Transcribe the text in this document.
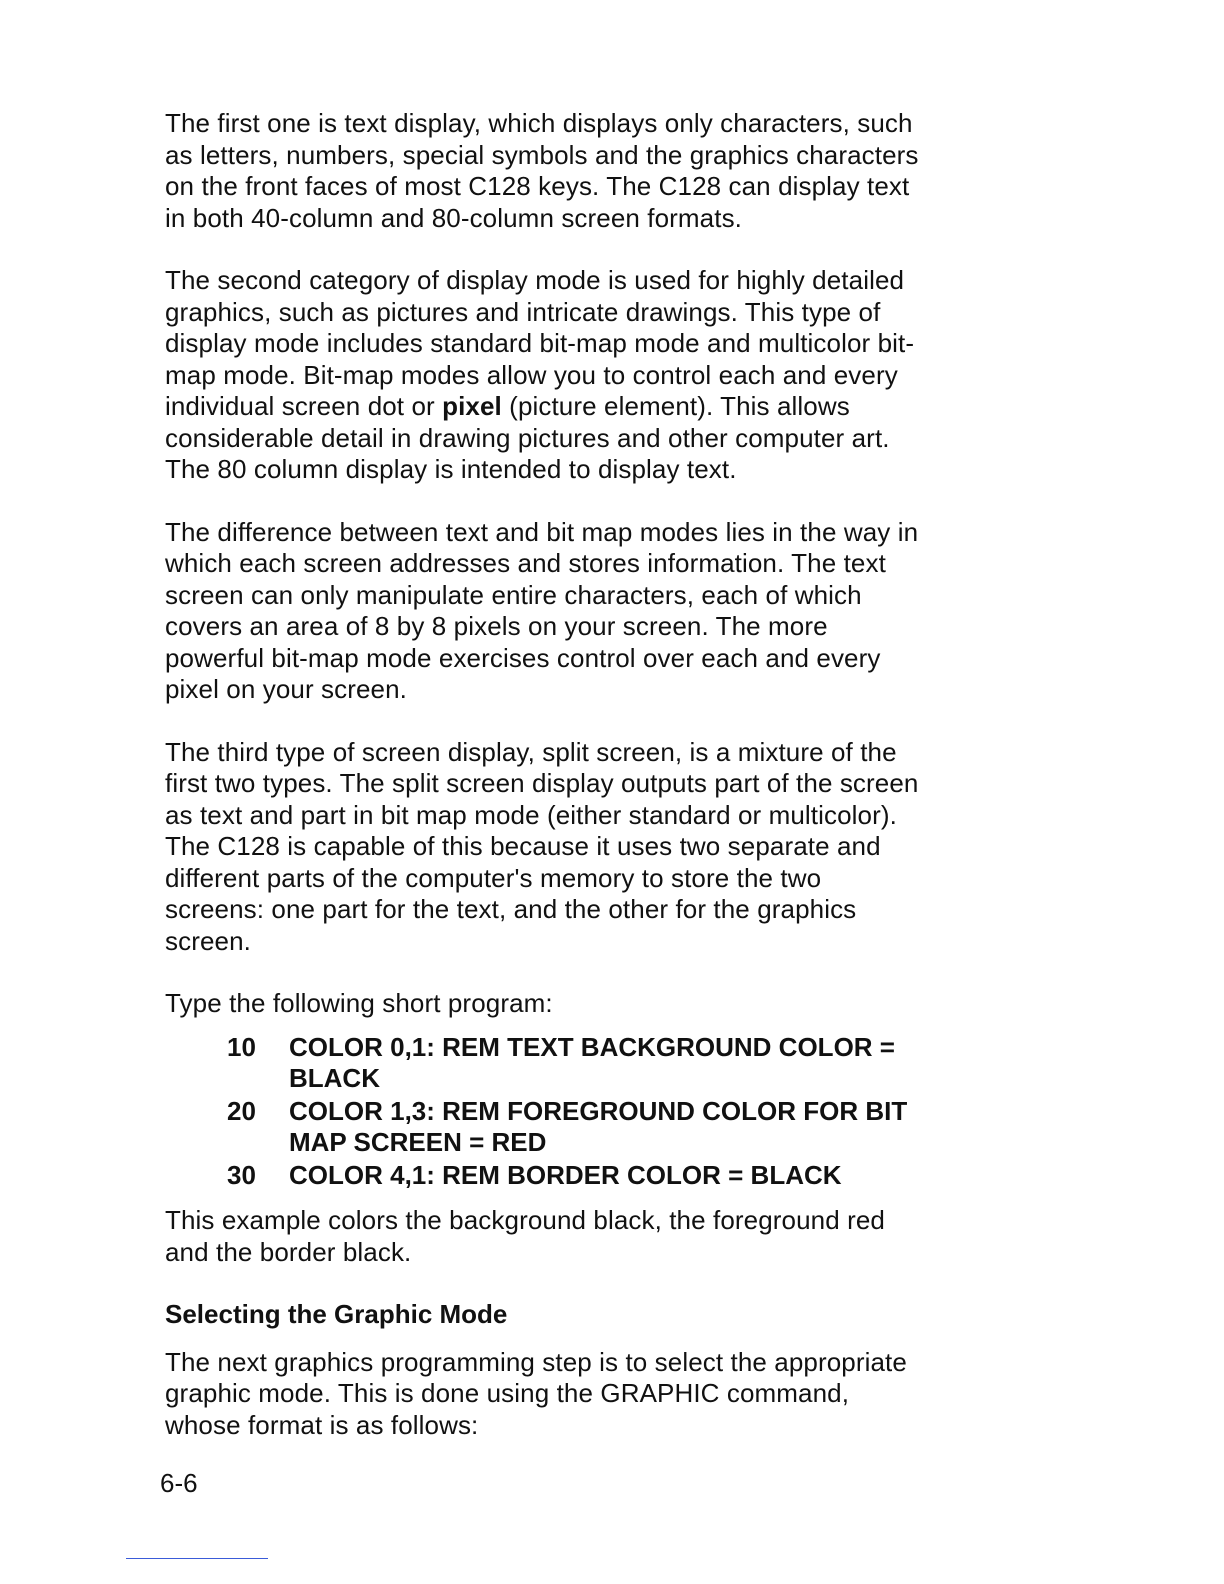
The first one is text display, which displays only characters, such
as letters, numbers, special symbols and the graphics characters
on the front faces of most C128 keys. The C128 can display text
in both 40-column and 80-column screen formats.

The second category of display mode is used for highly detailed
graphics, such as pictures and intricate drawings. This type of
display mode includes standard bit-map mode and multicolor bit-
map mode. Bit-map modes allow you to control each and every
individual screen dot or pixel (picture element). This allows
considerable detail in drawing pictures and other computer art.
The 80 column display is intended to display text.

The difference between text and bit map modes lies in the way in
which each screen addresses and stores information. The text
screen can only manipulate entire characters, each of which
covers an area of 8 by 8 pixels on your screen. The more
powerful bit-map mode exercises control over each and every
pixel on your screen.

The third type of screen display, split screen, is a mixture of the
first two types. The split screen display outputs part of the screen
as text and part in bit map mode (either standard or multicolor).
The C128 is capable of this because it uses two separate and
different parts of the computer's memory to store the two
screens: one part for the text, and the other for the graphics
screen.

Type the following short program:

10	COLOR 0,1: REM TEXT BACKGROUND COLOR =
BLACK
20	COLOR 1,3: REM FOREGROUND COLOR FOR BIT
MAP SCREEN = RED
30	COLOR 4,1: REM BORDER COLOR = BLACK

This example colors the background black, the foreground red
and the border black.

Selecting the Graphic Mode

The next graphics programming step is to select the appropriate
graphic mode. This is done using the GRAPHIC command,
whose format is as follows:

6-6
